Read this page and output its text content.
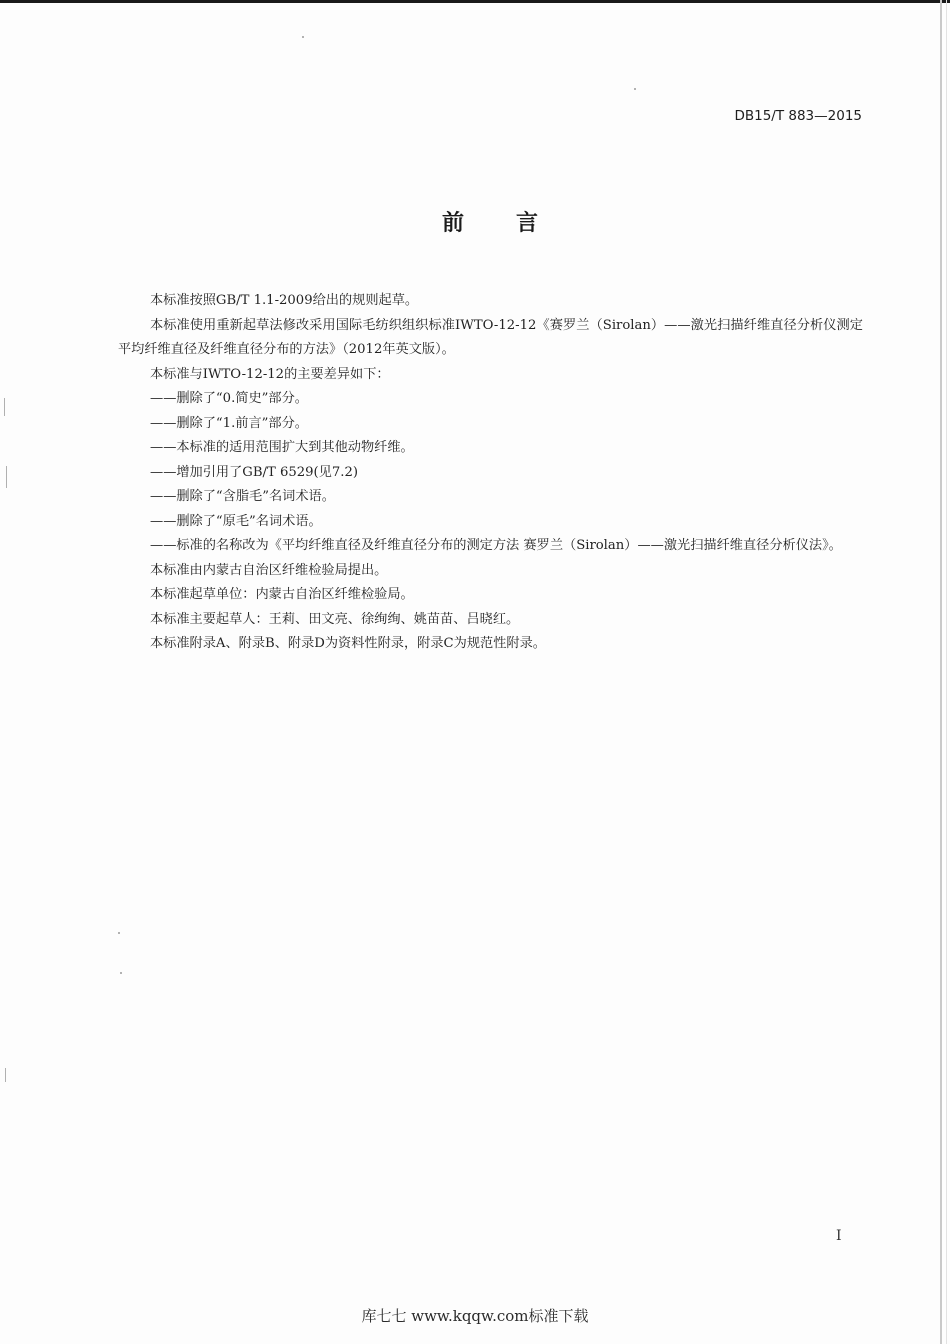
DB15/T 883—2015
前言

本标准按照GB/T 1.1-2009给出的规则起草。

本标准使用重新起草法修改采用国际毛纺织组织标准IWTO-12-12《赛罗兰（Sirolan）——激光扫描纤维直径分析仪测定平均纤维直径及纤维直径分布的方法》（2012年英文版）。

本标准与IWTO-12-12的主要差异如下：

——删除了“0.简史”部分。

——删除了“1.前言”部分。

——本标准的适用范围扩大到其他动物纤维。

——增加引用了GB/T 6529(见7.2)

——删除了“含脂毛”名词术语。

——删除了“原毛”名词术语。

——标准的名称改为《平均纤维直径及纤维直径分布的测定方法 赛罗兰（Sirolan）——激光扫描纤维直径分析仪法》。

本标准由内蒙古自治区纤维检验局提出。

本标准起草单位：内蒙古自治区纤维检验局。

本标准主要起草人：王莉、田文亮、徐绚绚、姚苗苗、吕晓红。

本标准附录A、附录B、附录D为资料性附录，附录C为规范性附录。

I
库七七 www.kqqw.com标准下载
